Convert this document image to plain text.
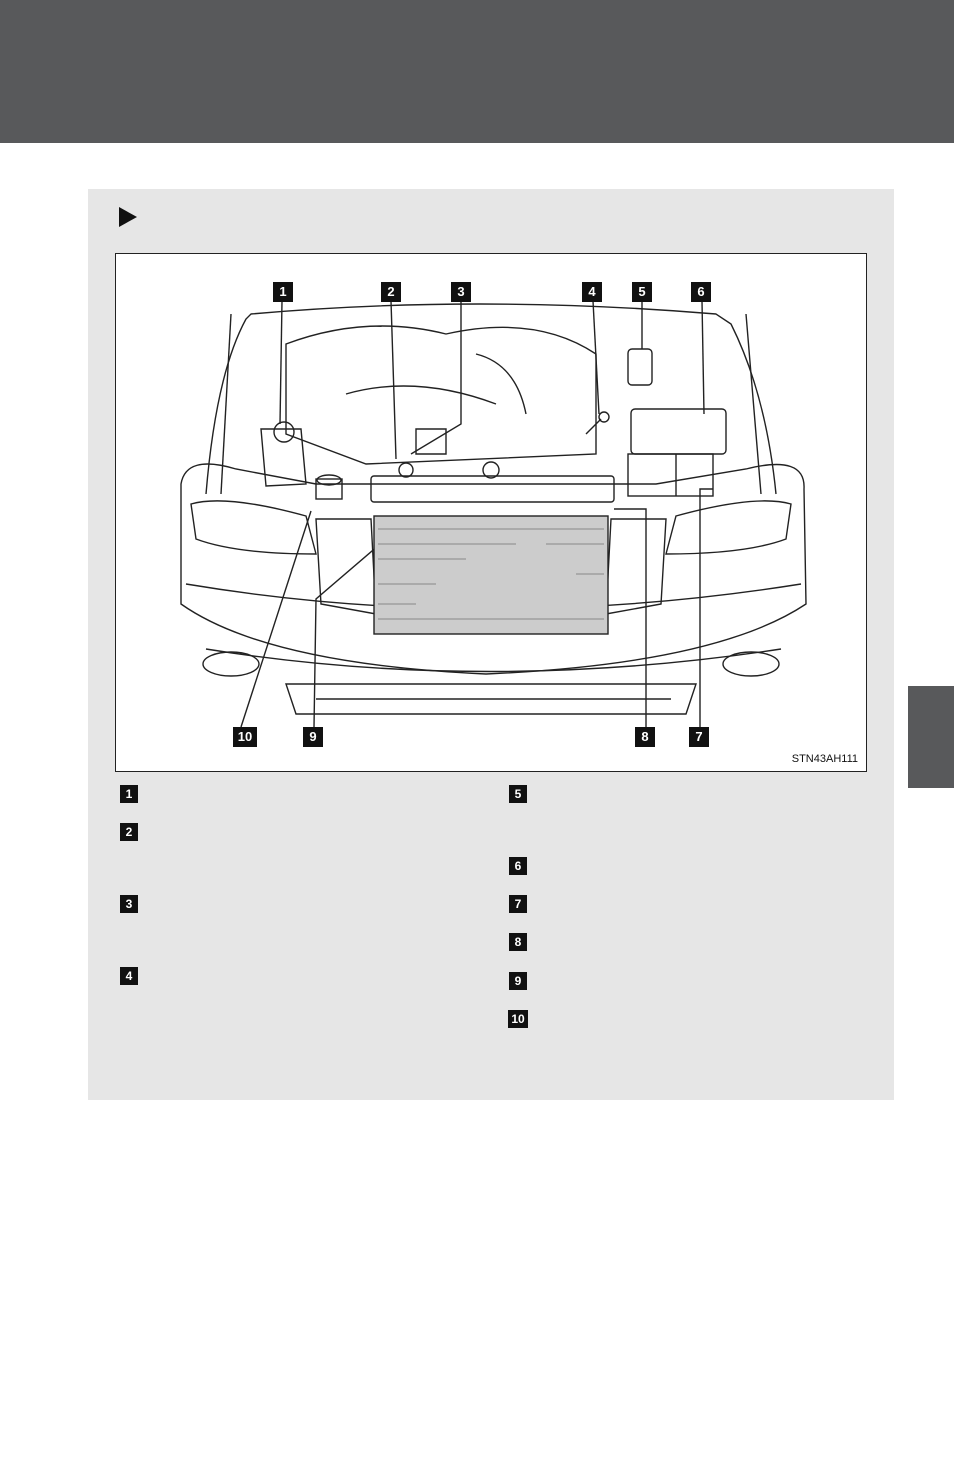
1	2	3	4	5	6
7
8
9
10
STN43AH111
1
2
3
4
5
6
7
8
9
10
